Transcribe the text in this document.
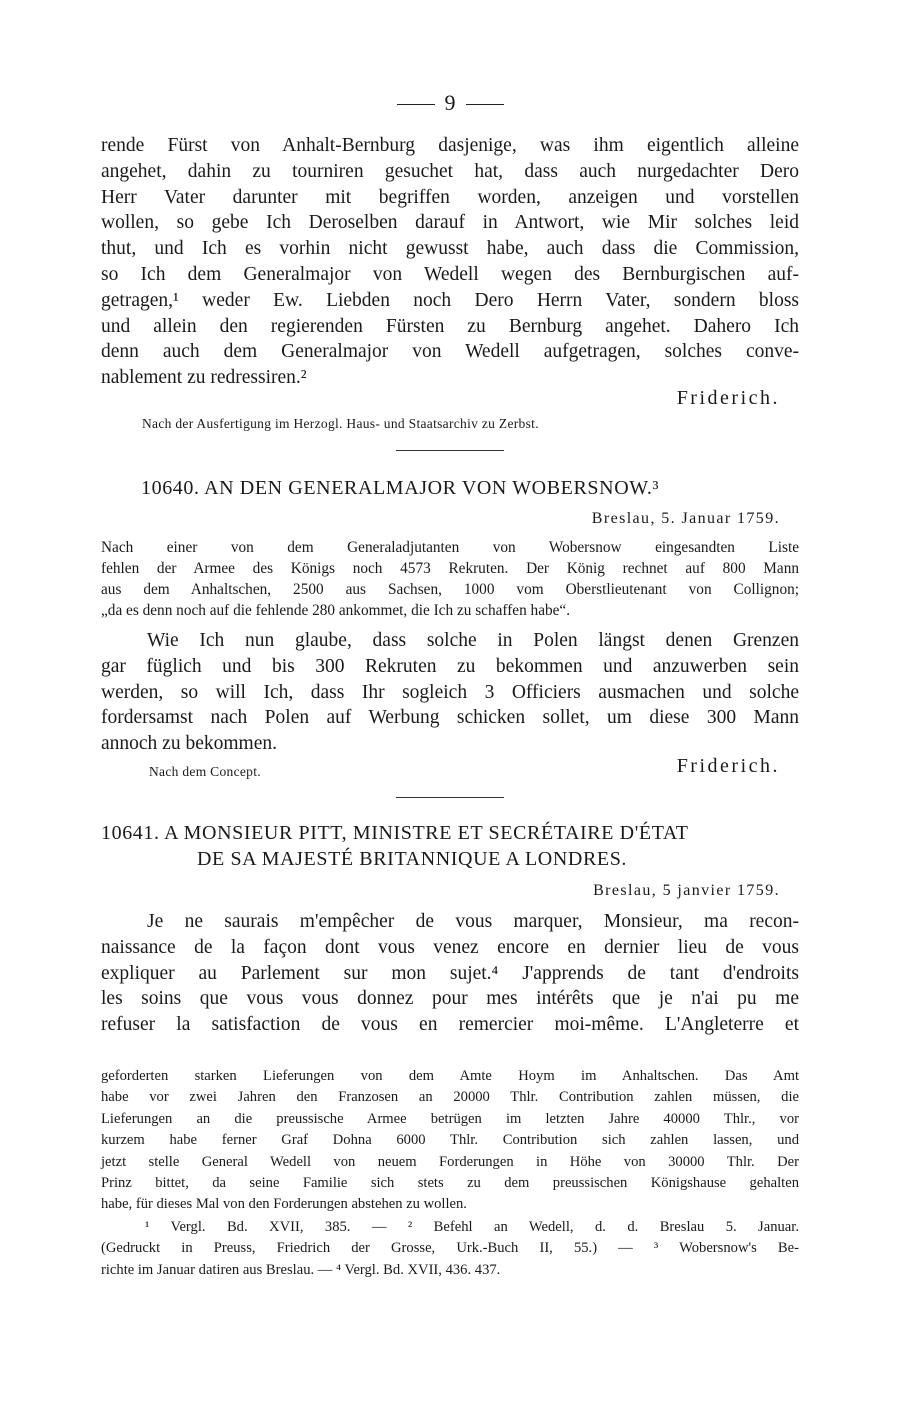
9
rende Fürst von Anhalt-Bernburg dasjenige, was ihm eigentlich alleine
angehet, dahin zu tourniren gesuchet hat, dass auch nurgedachter Dero
Herr Vater darunter mit begriffen worden, anzeigen und vorstellen
wollen, so gebe Ich Deroselben darauf in Antwort, wie Mir solches leid
thut, und Ich es vorhin nicht gewusst habe, auch dass die Commission,
so Ich dem Generalmajor von Wedell wegen des Bernburgischen auf-
getragen,¹ weder Ew. Liebden noch Dero Herrn Vater, sondern bloss
und allein den regierenden Fürsten zu Bernburg angehet. Dahero Ich
denn auch dem Generalmajor von Wedell aufgetragen, solches conve-
nablement zu redressiren.²
Friderich.
Nach der Ausfertigung im Herzogl. Haus- und Staatsarchiv zu Zerbst.
10640. AN DEN GENERALMAJOR VON WOBERSNOW.³
Breslau, 5. Januar 1759.
Nach einer von dem Generaladjutanten von Wobersnow eingesandten Liste
fehlen der Armee des Königs noch 4573 Rekruten. Der König rechnet auf 800 Mann
aus dem Anhaltschen, 2500 aus Sachsen, 1000 vom Oberstlieutenant von Collignon;
„da es denn noch auf die fehlende 280 ankommet, die Ich zu schaffen habe“.
Wie Ich nun glaube, dass solche in Polen längst denen Grenzen
gar füglich und bis 300 Rekruten zu bekommen und anzuwerben sein
werden, so will Ich, dass Ihr sogleich 3 Officiers ausmachen und solche
fordersamst nach Polen auf Werbung schicken sollet, um diese 300 Mann
annoch zu bekommen.
Nach dem Concept.	Friderich.
10641. A MONSIEUR PITT, MINISTRE ET SECRÉTAIRE D'ÉTAT
DE SA MAJESTÉ BRITANNIQUE A LONDRES.
Breslau, 5 janvier 1759.
Je ne saurais m'empêcher de vous marquer, Monsieur, ma recon-
naissance de la façon dont vous venez encore en dernier lieu de vous
expliquer au Parlement sur mon sujet.⁴ J'apprends de tant d'endroits
les soins que vous vous donnez pour mes intérêts que je n'ai pu me
refuser la satisfaction de vous en remercier moi-même. L'Angleterre et
geforderten starken Lieferungen von dem Amte Hoym im Anhaltschen. Das Amt
habe vor zwei Jahren den Franzosen an 20000 Thlr. Contribution zahlen müssen, die
Lieferungen an die preussische Armee betrügen im letzten Jahre 40000 Thlr., vor
kurzem habe ferner Graf Dohna 6000 Thlr. Contribution sich zahlen lassen, und
jetzt stelle General Wedell von neuem Forderungen in Höhe von 30000 Thlr. Der
Prinz bittet, da seine Familie sich stets zu dem preussischen Königshause gehalten
habe, für dieses Mal von den Forderungen abstehen zu wollen.
¹ Vergl. Bd. XVII, 385. — ² Befehl an Wedell, d. d. Breslau 5. Januar.
(Gedruckt in Preuss, Friedrich der Grosse, Urk.-Buch II, 55.) — ³ Wobersnow's Be-
richte im Januar datiren aus Breslau. — ⁴ Vergl. Bd. XVII, 436. 437.
